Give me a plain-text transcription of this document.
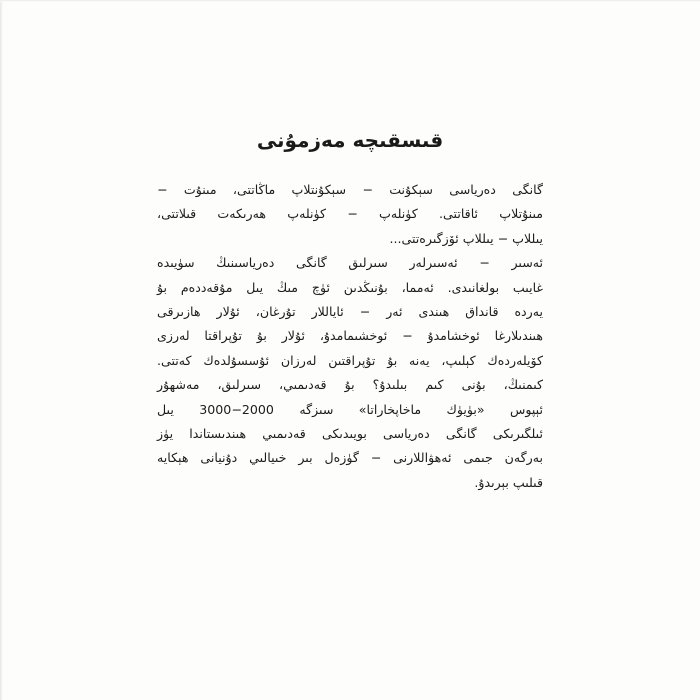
قىسقىچە مەزمۇنى
گانگى دەرياسى سېكۇنت − سېكۇنتلاپ ماڭاتتى، مىنۇت −
مىنۇتلاپ ئاقاتتى. كۈنلەپ − كۈنلەپ ھەرىكەت قىلاتتى،
يىللاپ − يىللاپ ئۆزگىرەتتى...
ئەسىر − ئەسىرلەر سىرلىق گانگى دەرياسىنىڭ سۈيىدە
غايىب بولغانىدى. ئەمما، بۇنىڭدىن ئۈچ مىڭ يىل مۇقەددەم بۇ
يەردە قانداق ھىندى ئەر − ئاياللار تۇرغان، ئۇلار ھازىرقى
ھىندىلارغا ئوخشامدۇ − ئوخشىمامدۇ، ئۇلار بۇ تۇپراقتا لەرزى
كۆيلەردەك كېلىپ، يەنە بۇ تۇپراقتىن لەرزان ئۇسسۇلدەك كەتتى.
كىمنىڭ، بۇنى كىم بىلىدۇ؟ بۇ قەدىمىي، سىرلىق، مەشھۇر
ئېپوس «بۈيۈك ماخاپخاراتا» سىزگە 2000−3000 يىل
ئىلگىرىكى گانگى دەرياسى بويىدىكى قەدىمىي ھىندىستاندا يۈز
بەرگەن جىمى ئەھۋاللارنى − گۈزەل بىر خىيالىي دۇنيانى ھېكايە
قىلىپ بېرىدۇ.
